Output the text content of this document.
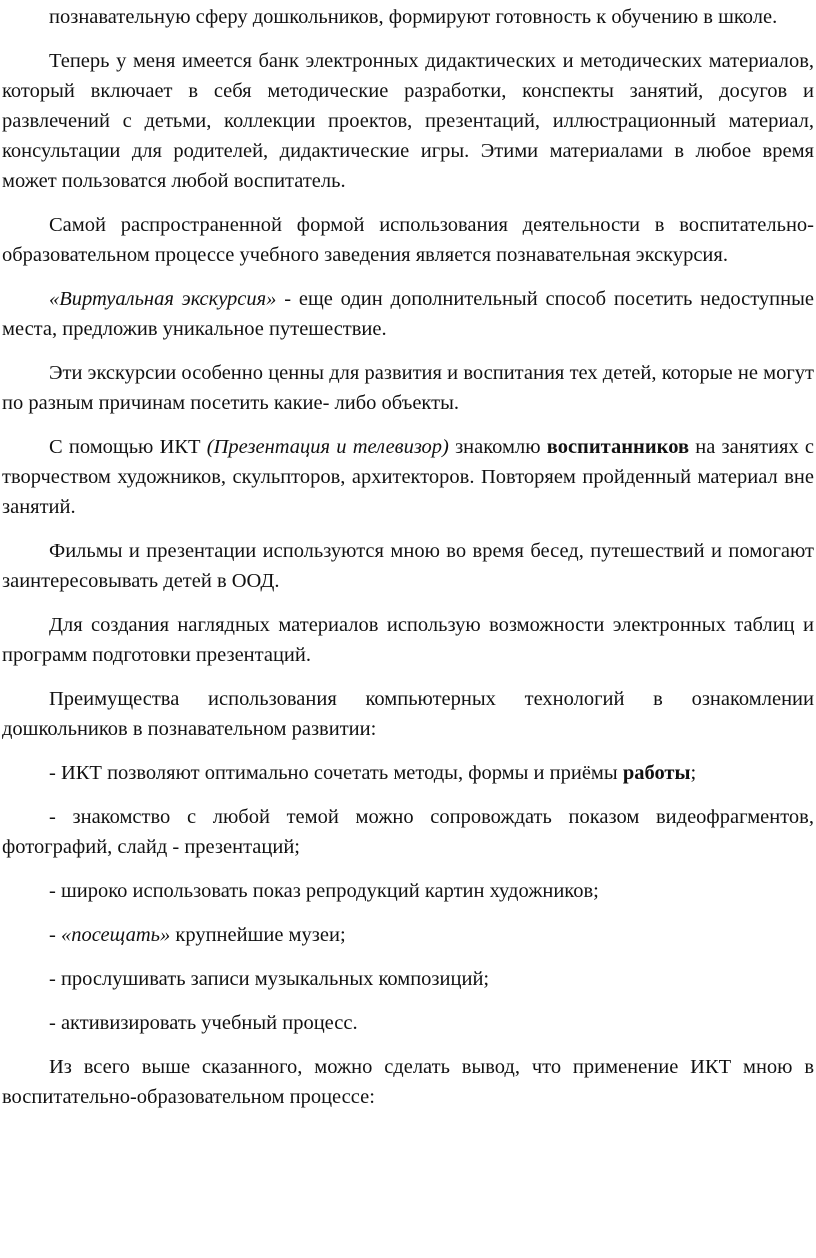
познавательную сферу дошкольников, формируют готовность к обучению в школе.

Теперь у меня имеется банк электронных дидактических и методических материалов, который включает в себя методические разработки, конспекты занятий, досугов и развлечений с детьми, коллекции проектов, презентаций, иллюстрационный материал, консультации для родителей, дидактические игры. Этими материалами в любое время может пользоватся любой воспитатель.

Самой распространенной формой использования деятельности в воспитательно-образовательном процессе учебного заведения является познавательная экскурсия.

«Виртуальная экскурсия» - еще один дополнительный способ посетить недоступные места, предложив уникальное путешествие.

Эти экскурсии особенно ценны для развития и воспитания тех детей, которые не могут по разным причинам посетить какие- либо объекты.

С помощью ИКТ (Презентация и телевизор) знакомлю воспитанников на занятиях с творчеством художников, скульпторов, архитекторов. Повторяем пройденный материал вне занятий.

Фильмы и презентации используются мною во время бесед, путешествий и помогают заинтересовывать детей в ООД.

Для создания наглядных материалов использую возможности электронных таблиц и программ подготовки презентаций.

Преимущества использования компьютерных технологий в ознакомлении дошкольников в познавательном развитии:

- ИКТ позволяют оптимально сочетать методы, формы и приёмы работы;

- знакомство с любой темой можно сопровождать показом видеофрагментов, фотографий, слайд - презентаций;

- широко использовать показ репродукций картин художников;

- «посещать» крупнейшие музеи;

- прослушивать записи музыкальных композиций;

- активизировать учебный процесс.

Из всего выше сказанного, можно сделать вывод, что применение ИКТ мною в воспитательно-образовательном процессе:
